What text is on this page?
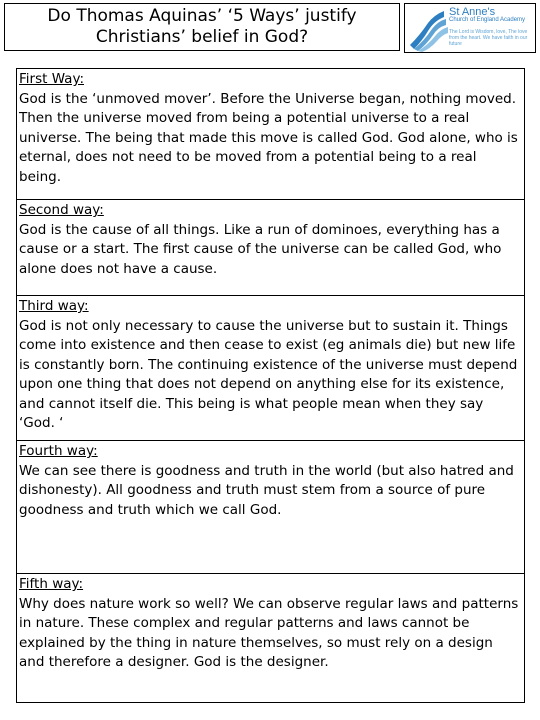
Do Thomas Aquinas’ ‘5 Ways’ justify Christians’ belief in God?
St Anne's
Church of England Academy
The Lord is Wisdom, love, The love from the heart. We have faith in our future
First Way:
God is the ‘unmoved mover’. Before the Universe began, nothing moved. Then the universe moved from being a potential universe to a real universe. The being that made this move is called God. God alone, who is eternal, does not need to be moved from a potential being to a real being.
Second way:
God is the cause of all things. Like a run of dominoes, everything has a cause or a start. The first cause of the universe can be called God, who alone does not have a cause.
Third way:
God is not only necessary to cause the universe but to sustain it. Things come into existence and then cease to exist (eg animals die) but new life is constantly born. The continuing existence of the universe must depend upon one thing that does not depend on anything else for its existence, and cannot itself die. This being is what people mean when they say ‘God. ‘
Fourth way:
We can see there is goodness and truth in the world (but also hatred and dishonesty). All goodness and truth must stem from a source of pure goodness and truth which we call God.
Fifth way:
Why does nature work so well? We can observe regular laws and patterns in nature. These complex and regular patterns and laws cannot be explained by the thing in nature themselves, so must rely on a design and therefore a designer. God is the designer.
